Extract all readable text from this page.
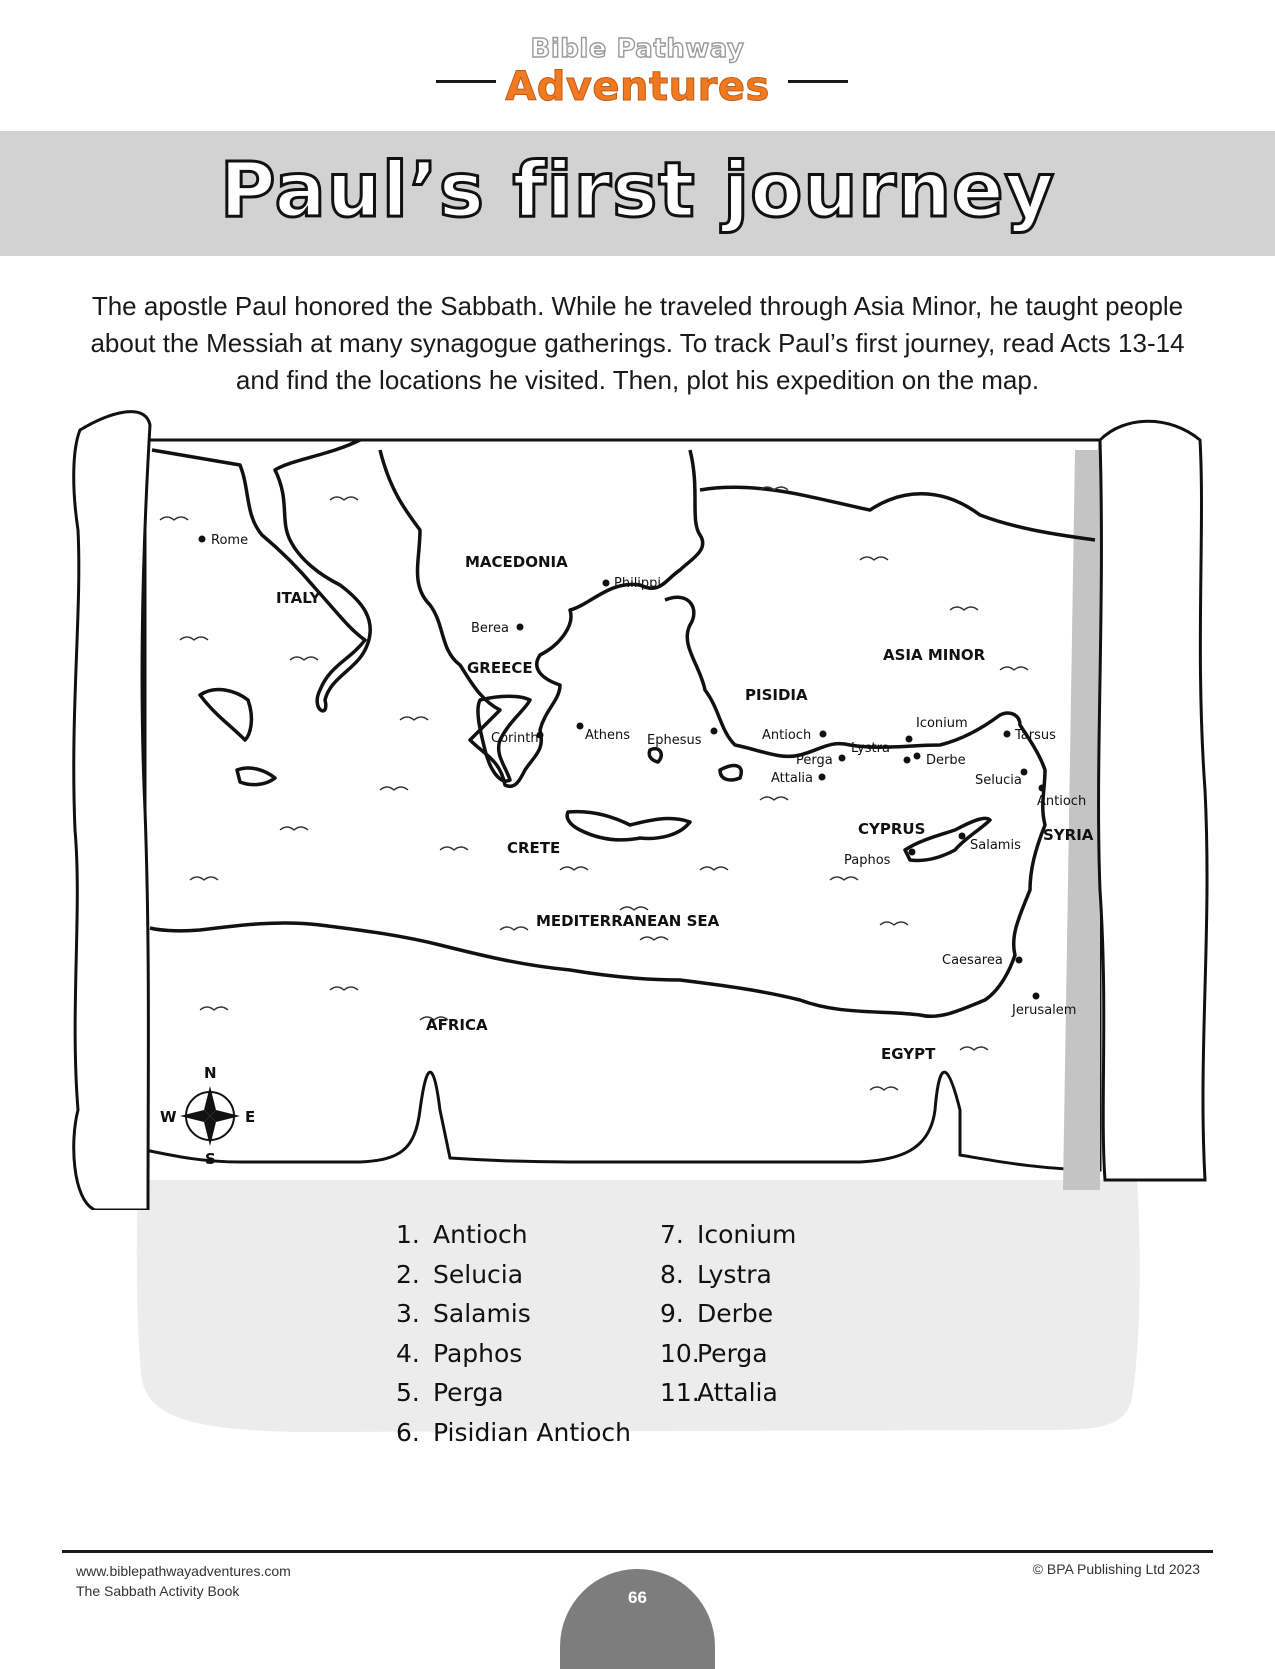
Bible Pathway
Adventures
Paul’s first journey
The apostle Paul honored the Sabbath. While he traveled through Asia Minor, he taught people about the Messiah at many synagogue gatherings. To track Paul’s first journey, read Acts 13-14 and find the locations he visited. Then, plot his expedition on the map.
MACEDONIA
ITALY
GREECE
ASIA MINOR
PISIDIA
CRETE
CYPRUS	SYRIA
MEDITERRANEAN SEA
AFRICA
EGYPT
Rome
Philippi
Berea
Corinth	Athens Ephesus	Antioch
Iconium
Tarsus
Lystra
Derbe
Perga
Attalia	Selucia
Antioch
Salamis
Paphos
Caesarea
Jerusalem
N
E
S
W
1. Antioch
2. Selucia
3. Salamis
4. Paphos
5. Perga
6. Pisidian Antioch
7. Iconium
8. Lystra
9. Derbe
10.
Perga
11.
Attalia
www.biblepathwayadventures.com
The Sabbath Activity Book
© BPA Publishing Ltd 2023
66
